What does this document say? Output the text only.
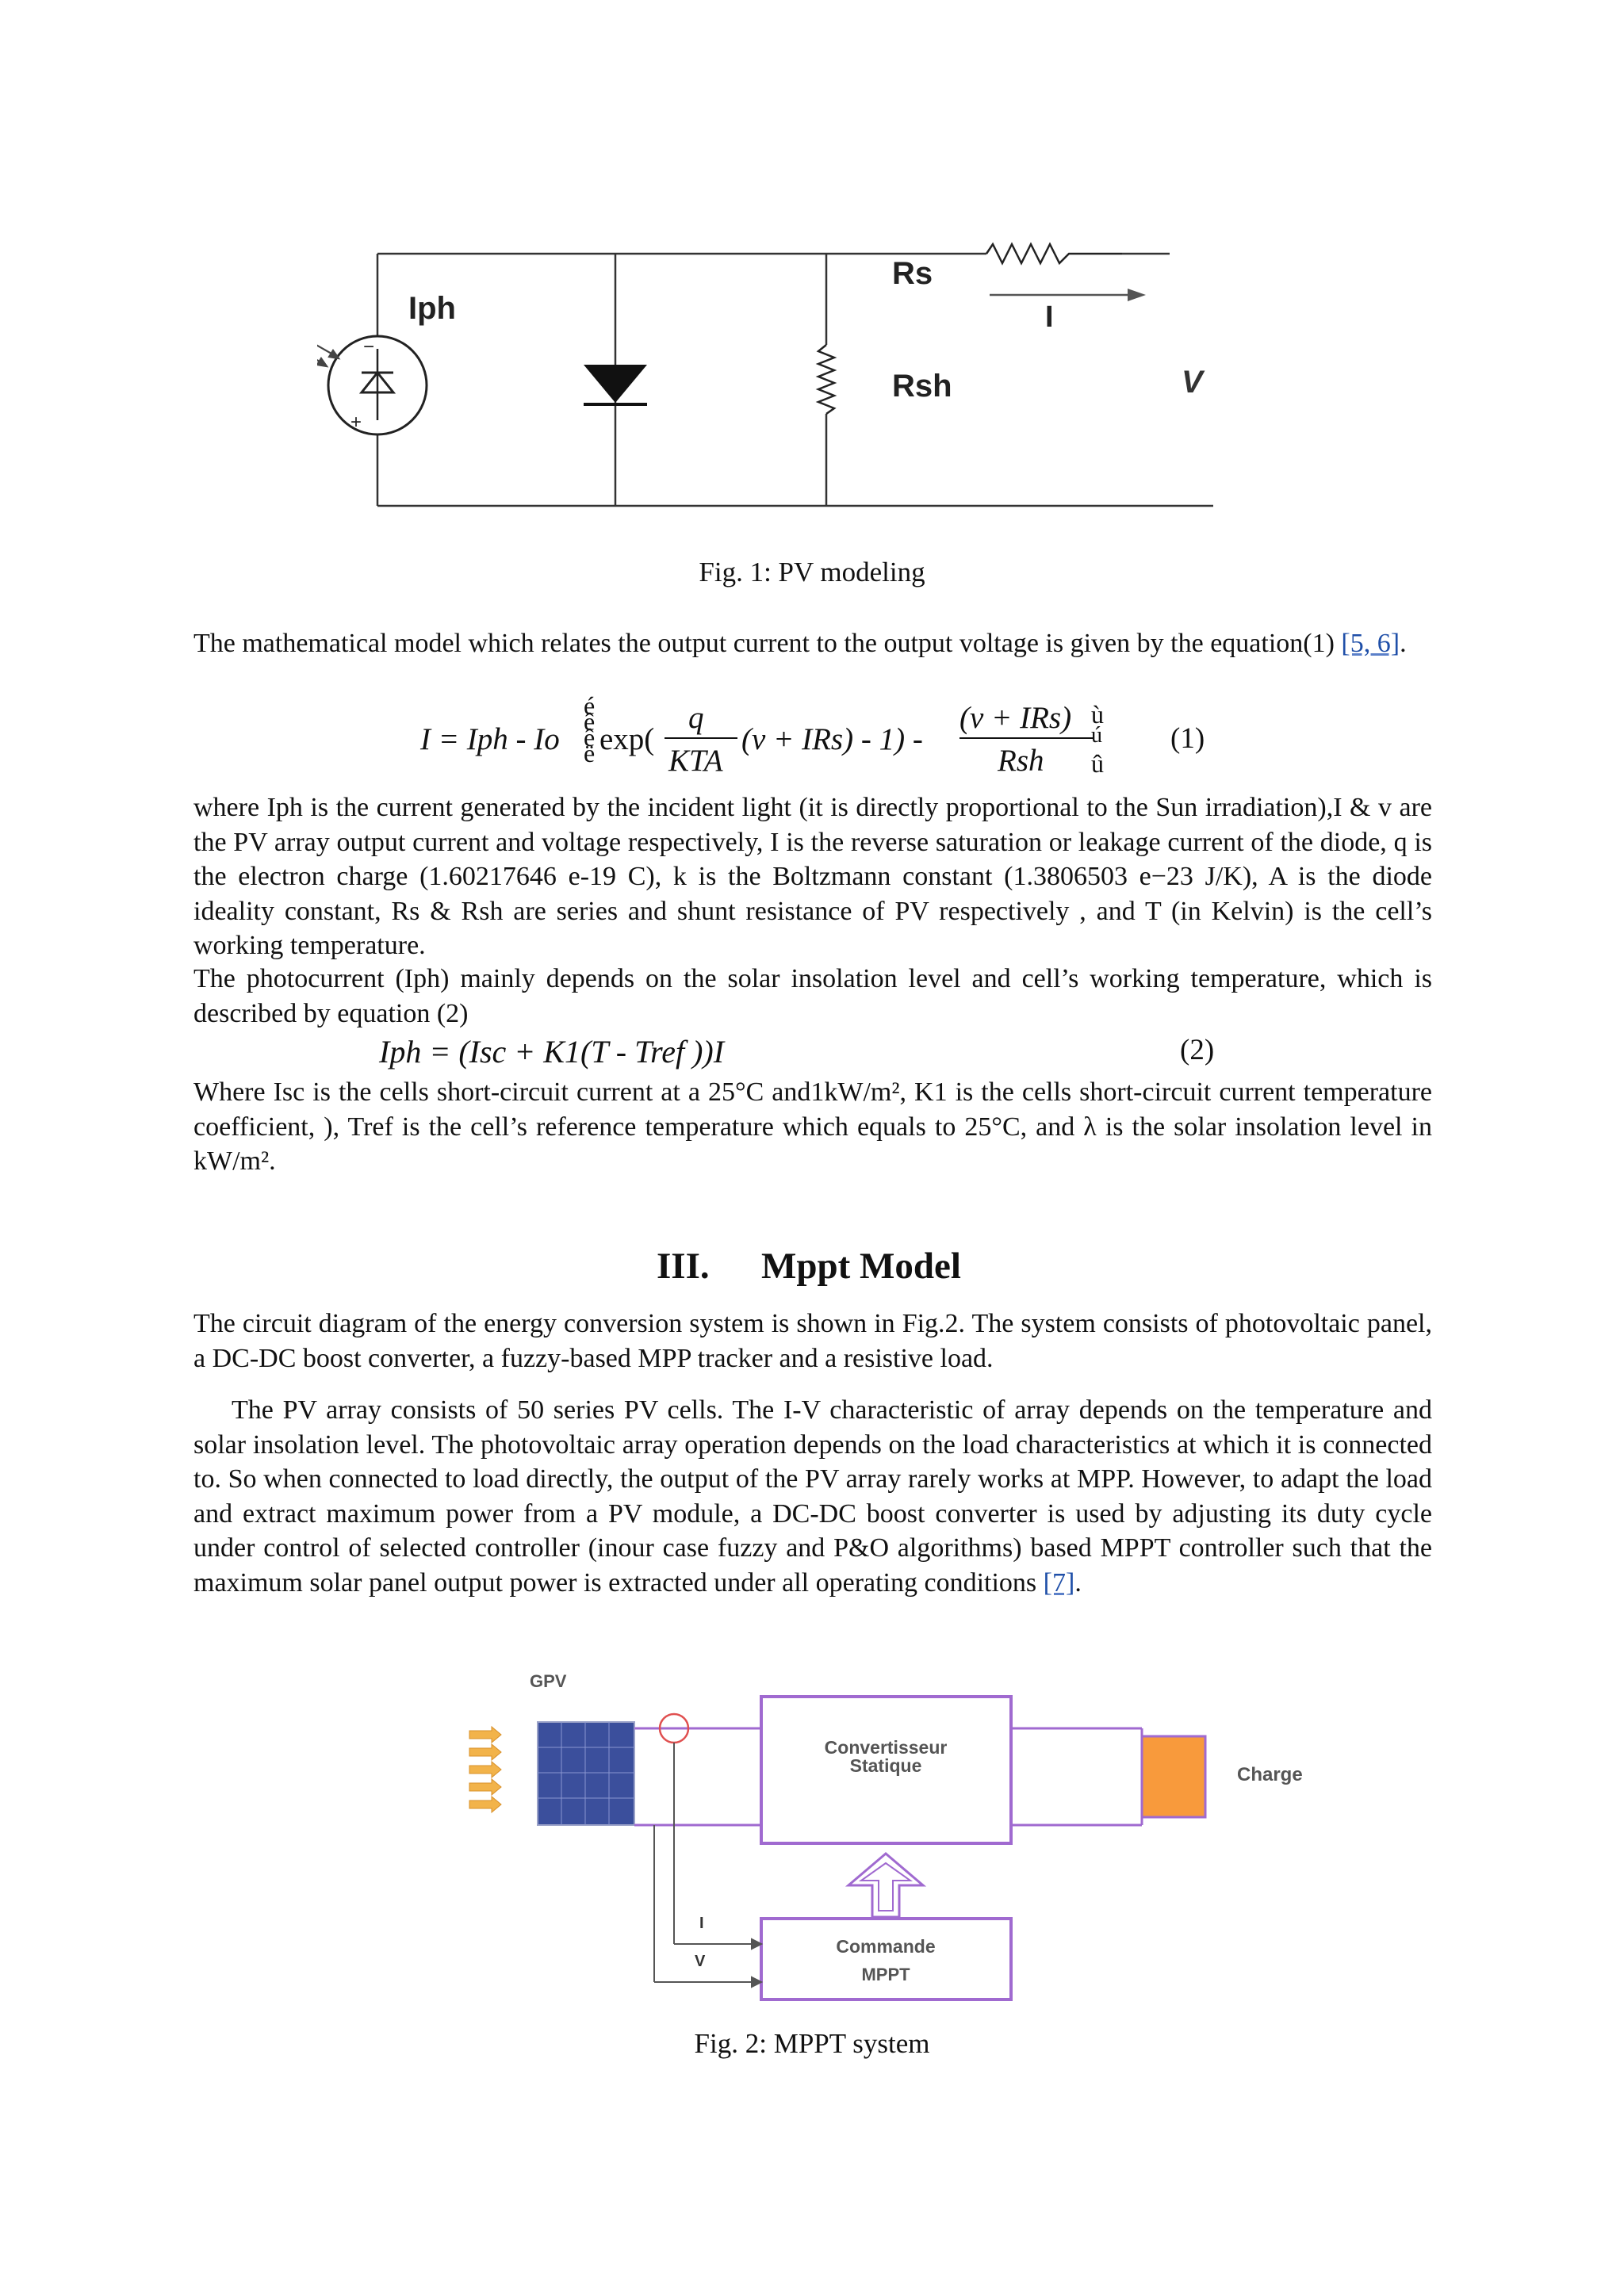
−
+
Iph
Rsh
Rs
I
V
Fig. 1: PV modeling
The mathematical model which relates the output current to the output voltage is given by the equation(1) [5, 6].
I = Iph - Io
é
ê
ê
ë exp(
q
KTA
(v + IRs) - 1) -
(v + IRs)
Rsh
ù
ú
û
(1)
where Iph is the current generated by the incident light (it is directly proportional to the Sun irradiation),I & v are the PV array output current and voltage respectively, I is the reverse saturation or leakage current of the diode, q is the electron charge (1.60217646 e-19 C), k is the Boltzmann constant (1.3806503 e−23 J/K), A is the diode ideality constant, Rs & Rsh are series and shunt resistance of PV respectively , and T (in Kelvin) is the cell’s working temperature.
The photocurrent (Iph) mainly depends on the solar insolation level and cell’s working temperature, which is described by equation (2)
Iph = (Isc + K1(T - Tref ))I	(2)
Where Isc is the cells short-circuit current at a 25°C and1kW/m², K1 is the cells short-circuit current temperature coefficient, ), Tref is the cell’s reference temperature which equals to 25°C, and λ is the solar insolation level in kW/m².
III. Mppt Model
The circuit diagram of the energy conversion system is shown in Fig.2. The system consists of photovoltaic panel, a DC-DC boost converter, a fuzzy-based MPP tracker and a resistive load.
The PV array consists of 50 series PV cells. The I-V characteristic of array depends on the temperature and solar insolation level. The photovoltaic array operation depends on the load characteristics at which it is connected to. So when connected to load directly, the output of the PV array rarely works at MPP. However, to adapt the load and extract maximum power from a PV module, a DC-DC boost converter is used by adjusting its duty cycle under control of selected controller (inour case fuzzy and P&O algorithms) based MPPT controller such that the maximum solar panel output power is extracted under all operating conditions [7].
GPV
Convertisseur
Statique	Charge
Commande
MPPT
I
V
Fig. 2: MPPT system
